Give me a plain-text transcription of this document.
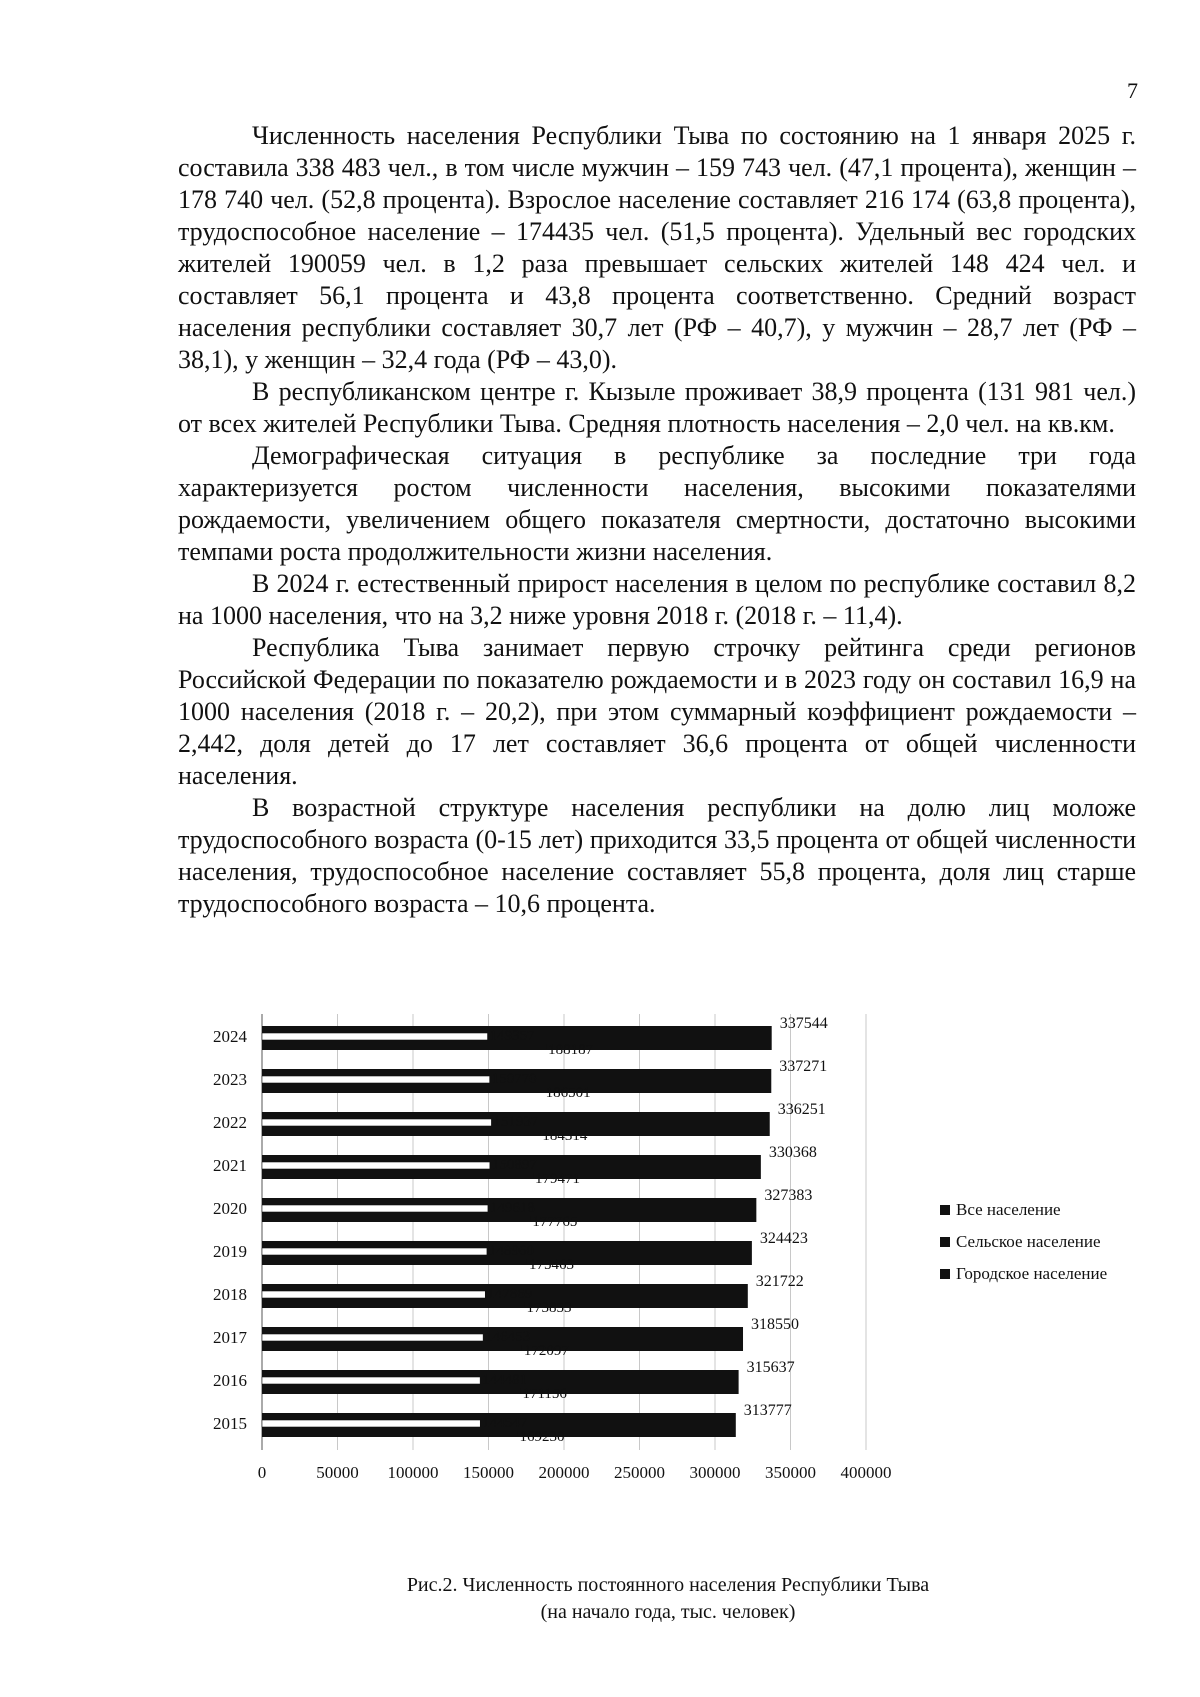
7

Численность населения Республики Тыва по состоянию на 1 января 2025 г. составила 338 483 чел., в том числе мужчин – 159 743 чел. (47,1 процента), женщин – 178 740 чел. (52,8 процента). Взрослое население составляет 216 174 (63,8 процента), трудоспособное население – 174435 чел. (51,5 процента). Удельный вес городских жителей 190059 чел. в 1,2 раза превышает сельских жителей 148 424 чел. и составляет 56,1 процента и 43,8 процента соответственно. Средний возраст населения республики составляет 30,7 лет (РФ – 40,7), у мужчин – 28,7 лет (РФ – 38,1), у женщин – 32,4 года (РФ – 43,0).

В республиканском центре г. Кызыле проживает 38,9 процента (131 981 чел.) от всех жителей Республики Тыва. Средняя плотность населения – 2,0 чел. на кв.км.

Демографическая ситуация в республике за последние три года характеризуется ростом численности населения, высокими показателями рождаемости, увеличением общего показателя смертности, достаточно высокими темпами роста продолжительности жизни населения.

В 2024 г. естественный прирост населения в целом по республике составил 8,2 на 1000 населения, что на 3,2 ниже уровня 2018 г. (2018 г. – 11,4).

Республика Тыва занимает первую строчку рейтинга среди регионов Российской Федерации по показателю рождаемости и в 2023 году он составил 16,9 на 1000 населения (2018 г. – 20,2), при этом суммарный коэффициент рождаемости – 2,442, доля детей до 17 лет составляет 36,6 процента от общей численности населения.

В возрастной структуре населения республики на долю лиц моложе трудоспособного возраста (0-15 лет) приходится 33,5 процента от общей численности населения, трудоспособное население составляет 55,8 процента, доля лиц старше трудоспособного возраста – 10,6 процента.

0	50000 100000 150000 200000 250000 300000 350000 400000
2024
337544
149357
188187
2023
337271
150770
186501
2022
336251
151937
184314
2021
330368
150897
179471
2020
327383
149618
177765
2019
324423
148960
175463
2018
321722
147869
173853
2017
318550
146453
172097
2016
315637
144481
171156
2015
313777
144547
169230
Все население
Сельское население
Городское население
Рис.2. Численность постоянного населения Республики Тыва
(на начало года, тыс. человек)
